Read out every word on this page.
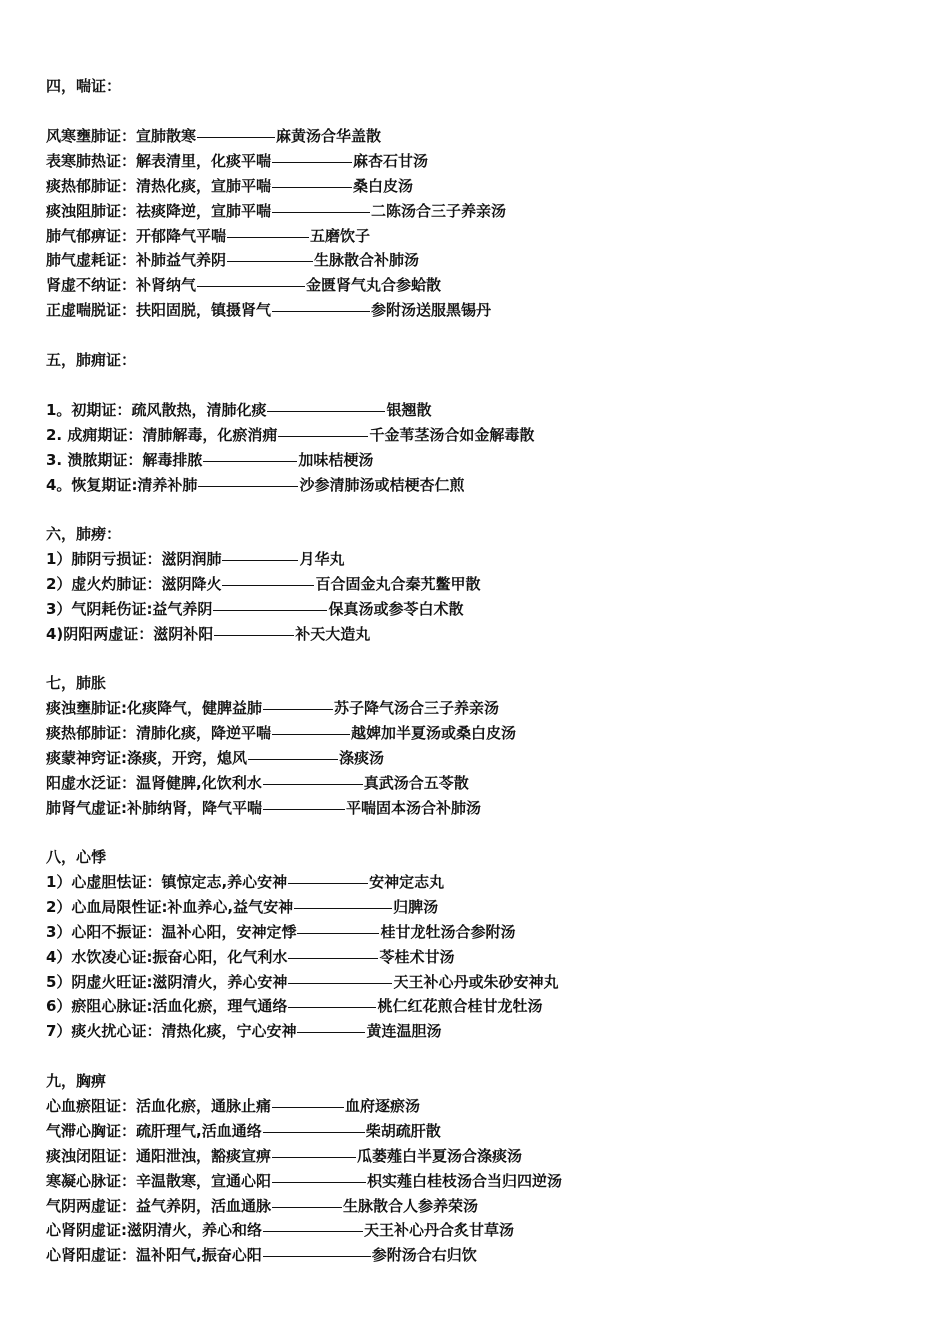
四，喘证：
风寒壅肺证：宣肺散寒	麻黄汤合华盖散
表寒肺热证：解表清里，化痰平喘	麻杏石甘汤
痰热郁肺证：清热化痰，宣肺平喘	桑白皮汤
痰浊阻肺证：祛痰降逆，宣肺平喘	二陈汤合三子养亲汤
肺气郁痹证：开郁降气平喘	五磨饮子
肺气虚耗证：补肺益气养阴	生脉散合补肺汤
肾虚不纳证：补肾纳气	金匮肾气丸合参蛤散
正虚喘脱证：扶阳固脱，镇摄肾气	参附汤送服黑锡丹
五，肺痈证：
1。初期证：疏风散热，清肺化痰	银翘散
2. 成痈期证：清肺解毒，化瘀消痈	千金苇茎汤合如金解毒散
3. 溃脓期证：解毒排脓	加味桔梗汤
4。恢复期证:清养补肺	沙参清肺汤或桔梗杏仁煎
六，肺痨：
1）肺阴亏损证：滋阴润肺	月华丸
2）虚火灼肺证：滋阴降火	百合固金丸合秦艽鳖甲散
3）气阴耗伤证:益气养阴	保真汤或参苓白术散
4)阴阳两虚证：滋阴补阳	补天大造丸
七，肺胀
痰浊壅肺证:化痰降气，健脾益肺	苏子降气汤合三子养亲汤
痰热郁肺证：清肺化痰，降逆平喘	越婢加半夏汤或桑白皮汤
痰蒙神窍证:涤痰，开窍，熄风	涤痰汤
阳虚水泛证：温肾健脾,化饮利水	真武汤合五苓散
肺肾气虚证:补肺纳肾，降气平喘	平喘固本汤合补肺汤
八，心悸
1）心虚胆怯证：镇惊定志,养心安神	安神定志丸
2）心血局限性证:补血养心,益气安神	归脾汤
3）心阳不振证：温补心阳，安神定悸	桂甘龙牡汤合参附汤
4）水饮凌心证:振奋心阳，化气利水	苓桂术甘汤
5）阴虚火旺证:滋阴清火，养心安神	天王补心丹或朱砂安神丸
6）瘀阻心脉证:活血化瘀，理气通络	桃仁红花煎合桂甘龙牡汤
7）痰火扰心证：清热化痰，宁心安神	黄连温胆汤
九，胸痹
心血瘀阻证：活血化瘀，通脉止痛	血府逐瘀汤
气滞心胸证：疏肝理气,活血通络	柴胡疏肝散
痰浊闭阻证：通阳泄浊，豁痰宣痹	瓜蒌薤白半夏汤合涤痰汤
寒凝心脉证：辛温散寒，宣通心阳	枳实薤白桂枝汤合当归四逆汤
气阴两虚证：益气养阴，活血通脉	生脉散合人参养荣汤
心肾阴虚证:滋阴清火，养心和络	天王补心丹合炙甘草汤
心肾阳虚证：温补阳气,振奋心阳	参附汤合右归饮
